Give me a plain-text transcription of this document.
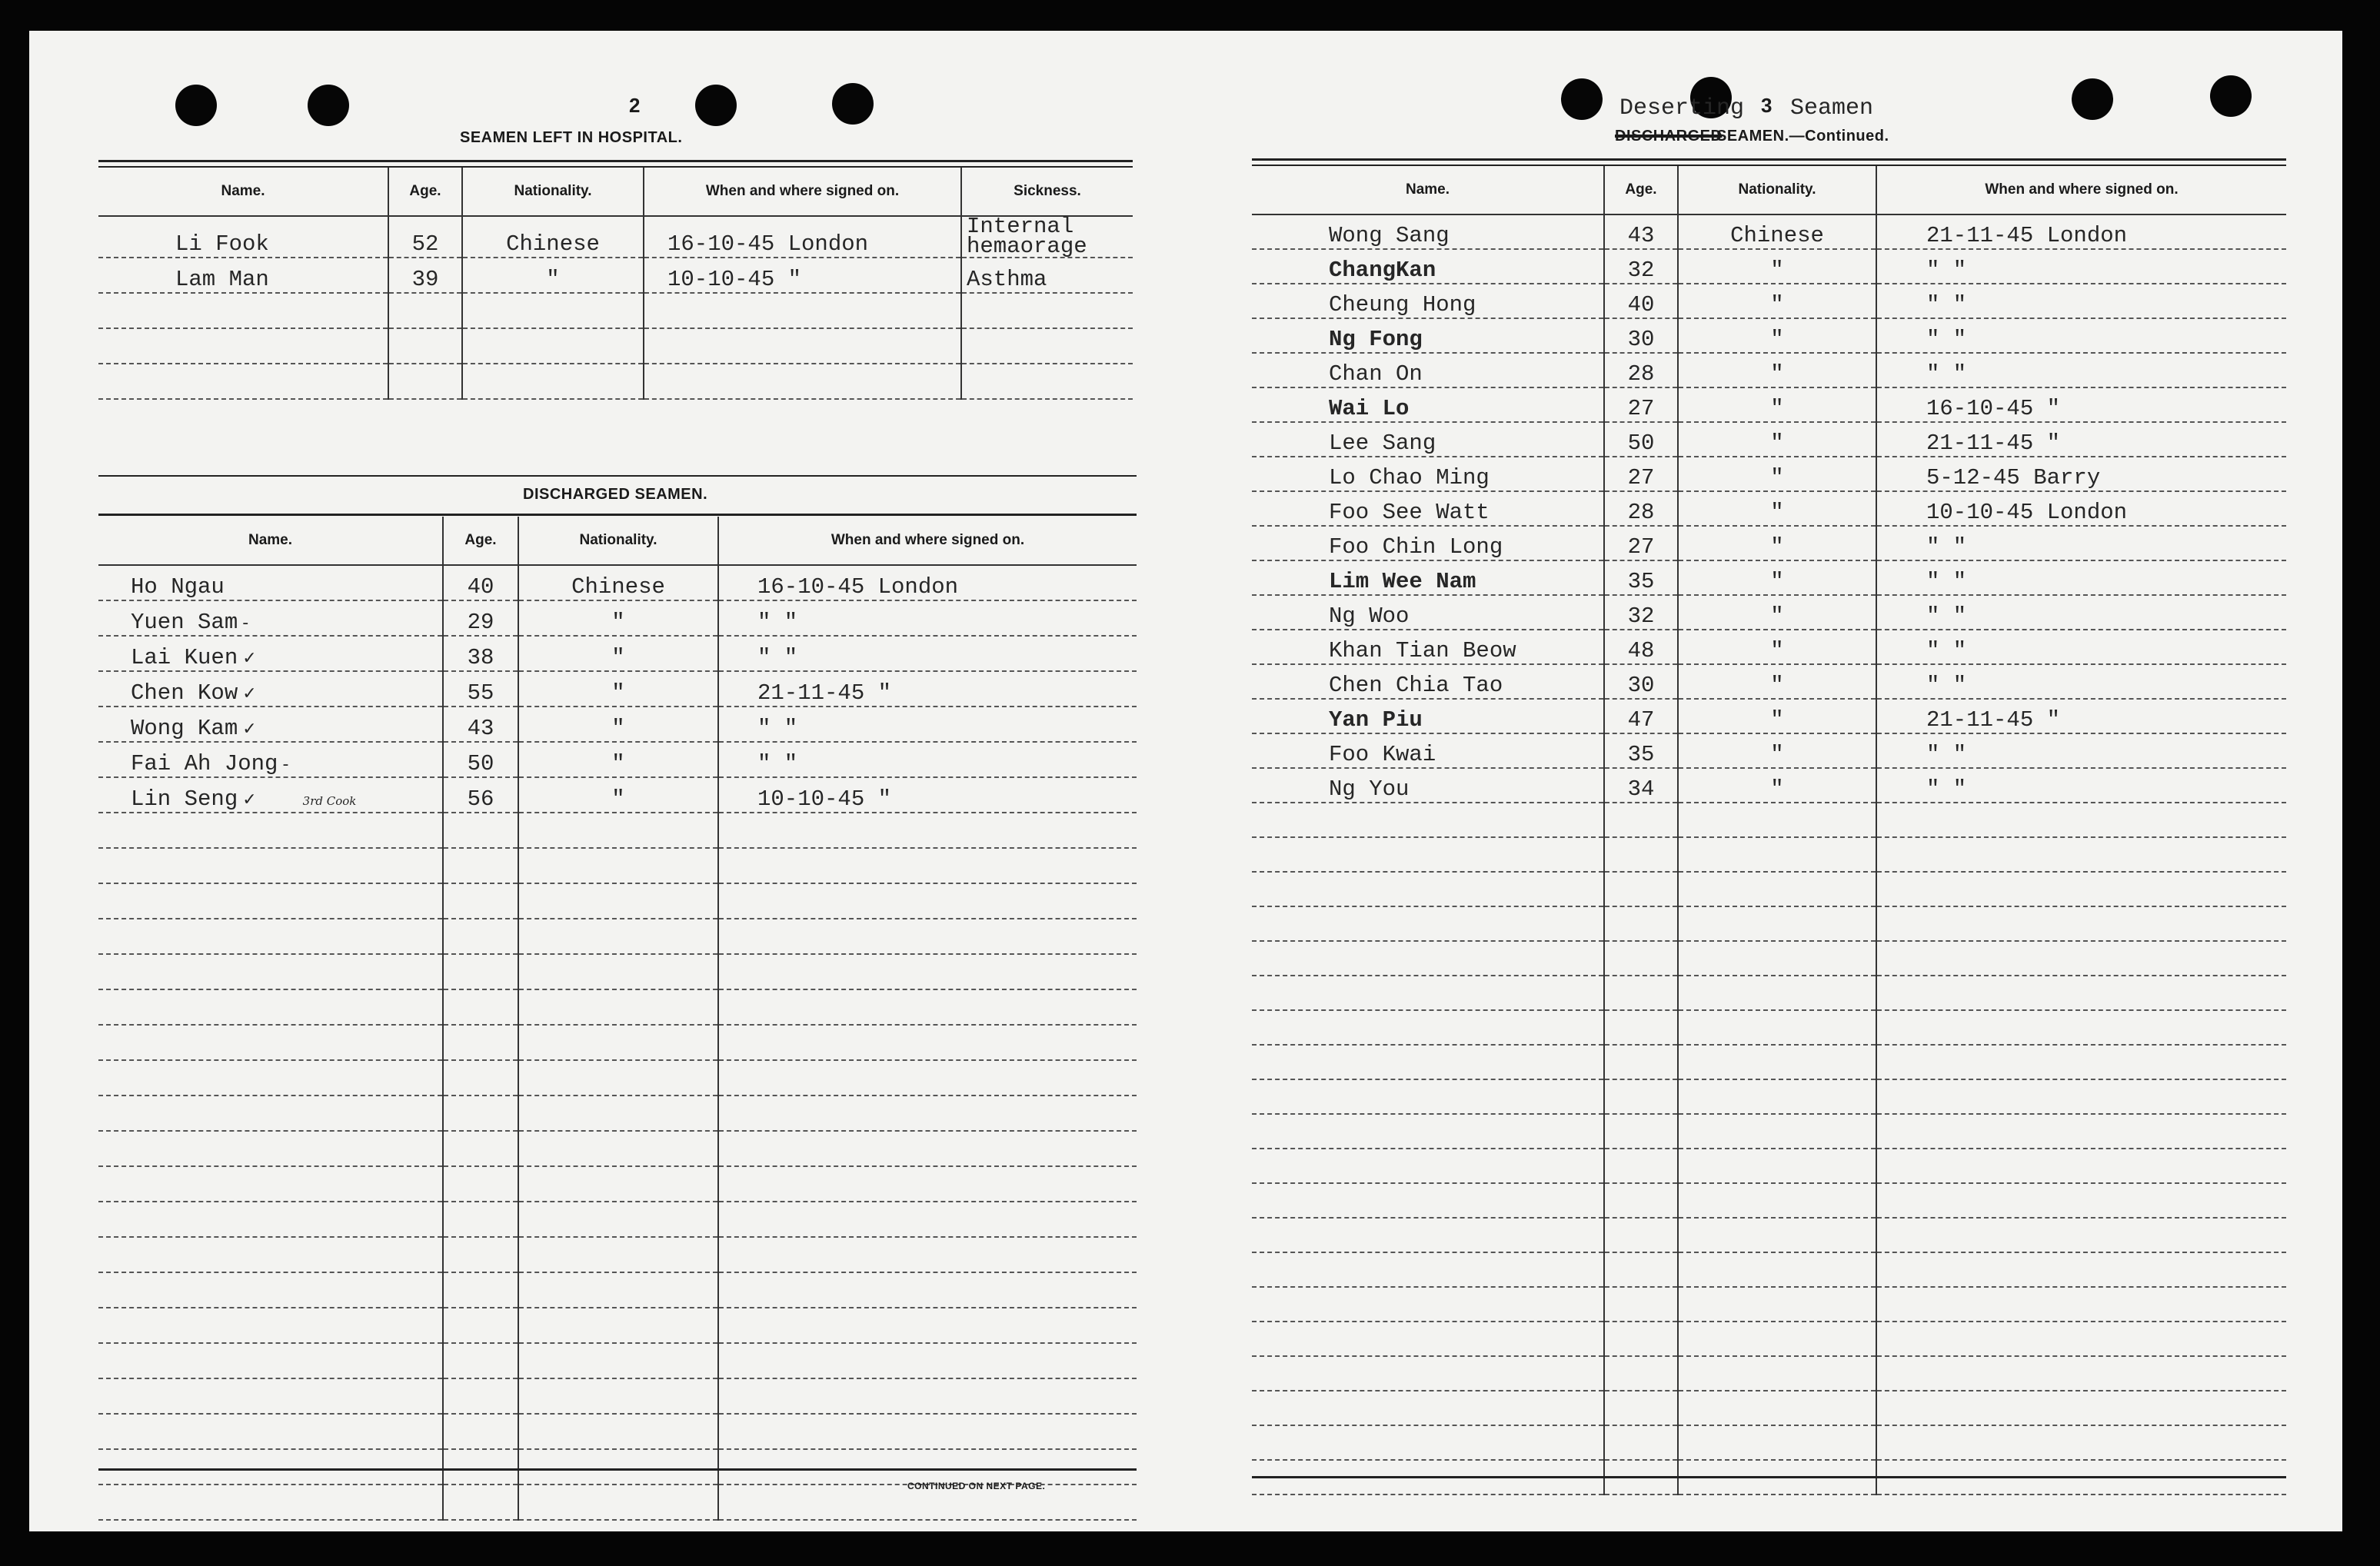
2
SEAMEN LEFT IN HOSPITAL.
Name.	Age.	Nationality.	When and where signed on.	Sickness.
Li Fook	52	Chinese	16-10-45 London	Internal hemaorage
Lam Man	39	"	10-10-45 "	Asthma

DISCHARGED SEAMEN.
Name.	Age.	Nationality.	When and where signed on.
Ho Ngau	40	Chinese	16-10-45 London
Yuen Sam -	29	"	" "
Lai Kuen ✓	38	"	" "
Chen Kow ✓	55	"	21-11-45 "
Wong Kam ✓	43	"	" "
Fai Ah Jong -	50	"	" "
Lin Seng ✓ 3rd Cook	56	"	10-10-45 "

CONTINUED ON NEXT PAGE.
Deserting 3 Seamen
DISCHARGED
SEAMEN.—Continued.
Name.	Age.	Nationality.	When and where signed on.
Wong Sang	43	Chinese	21-11-45 London
ChangKan	32	"	" "
Cheung Hong	40	"	" "
Ng Fong	30	"	" "
Chan On	28	"	" "
Wai Lo	27	"	16-10-45 "
Lee Sang	50	"	21-11-45 "
Lo Chao Ming	27	"	5-12-45 Barry
Foo See Watt	28	"	10-10-45 London
Foo Chin Long	27	"	" "
Lim Wee Nam	35	"	" "
Ng Woo	32	"	" "
Khan Tian Beow	48	"	" "
Chen Chia Tao	30	"	" "
Yan Piu	47	"	21-11-45 "
Foo Kwai	35	"	" "
Ng You	34	"	" "
